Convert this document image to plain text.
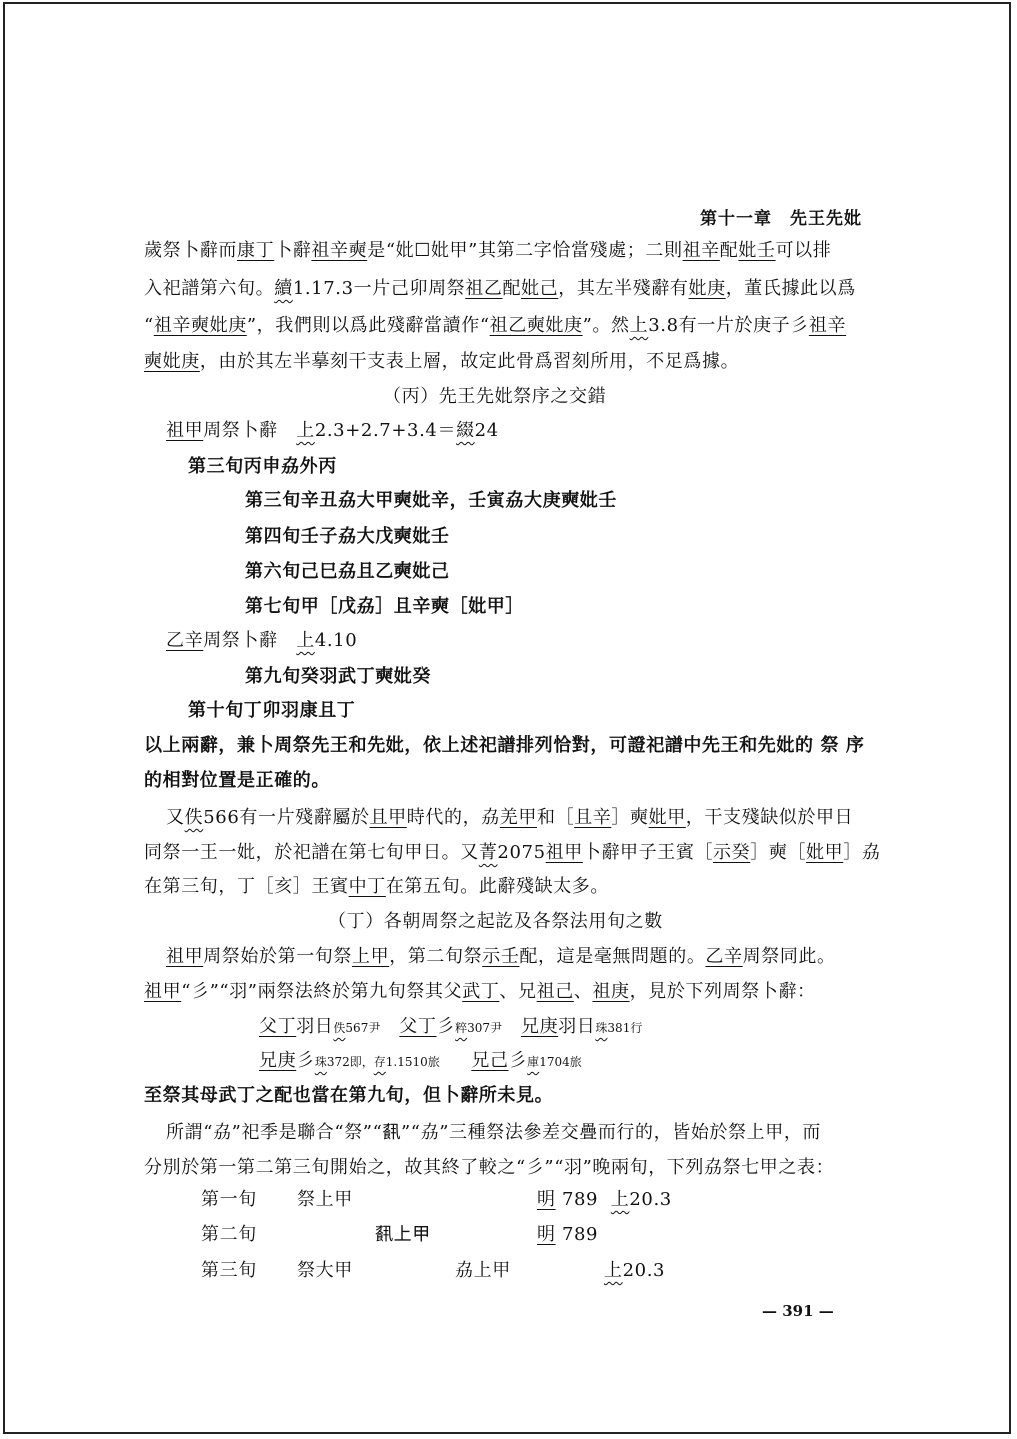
第十一章　先王先妣
歲祭卜辭而康丁卜辭祖辛奭是“妣☐妣甲”其第二字恰當殘處；二則祖辛配妣壬可以排
入祀譜第六旬。續1.17.3一片己卯周祭祖乙配妣己，其左半殘辭有妣庚，董氏據此以爲
“祖辛奭妣庚”，我們則以爲此殘辭當讀作“祖乙奭妣庚”。然上3.8有一片於庚子彡祖辛
奭妣庚，由於其左半摹刻干支表上層，故定此骨爲習刻所用，不足爲據。
（丙）先王先妣祭序之交錯
祖甲周祭卜辭　上2.3+2.7+3.4＝綴24
第三旬丙申劦外丙
第三旬辛丑劦大甲奭妣辛，壬寅劦大庚奭妣壬
第四旬壬子劦大戊奭妣壬
第六旬己巳劦且乙奭妣己
第七旬甲［戊劦］且辛奭［妣甲］
乙辛周祭卜辭　上4.10
第九旬癸羽武丁奭妣癸
第十旬丁卯羽康且丁
以上兩辭，兼卜周祭先王和先妣，依上述祀譜排列恰對，可證祀譜中先王和先妣的 祭 序
的相對位置是正確的。
又佚566有一片殘辭屬於且甲時代的，劦羌甲和［且辛］奭妣甲，干支殘缺似於甲日
同祭一王一妣，於祀譜在第七旬甲日。又菁2075祖甲卜辭甲子王賓［示癸］奭［妣甲］劦
在第三旬，丁［亥］王賓中丁在第五旬。此辭殘缺太多。
（丁）各朝周祭之起訖及各祭法用旬之數
祖甲周祭始於第一旬祭上甲，第二旬祭示壬配，這是毫無問題的。乙辛周祭同此。
祖甲“彡”“羽”兩祭法終於第九旬祭其父武丁、兄祖己、祖庚，見於下列周祭卜辭：
父丁羽日佚567尹 父丁彡粹307尹 兄庚羽日珠381行
兄庚彡珠372即，存1.1510旅 兄己彡庫1704旅
至祭其母武丁之配也當在第九旬，但卜辭所未見。
所謂“劦”祀季是聯合“祭”“𩛥”“劦”三種祭法參差交疊而行的，皆始於祭上甲，而
分別於第一第二第三旬開始之，故其終了較之“彡”“羽”晚兩旬，下列劦祭七甲之表：
第一旬 祭上甲	明 789 上20.3
第二旬	𩛥上甲	明 789
第三旬 祭大甲	劦上甲	上20.3
— 391 —
